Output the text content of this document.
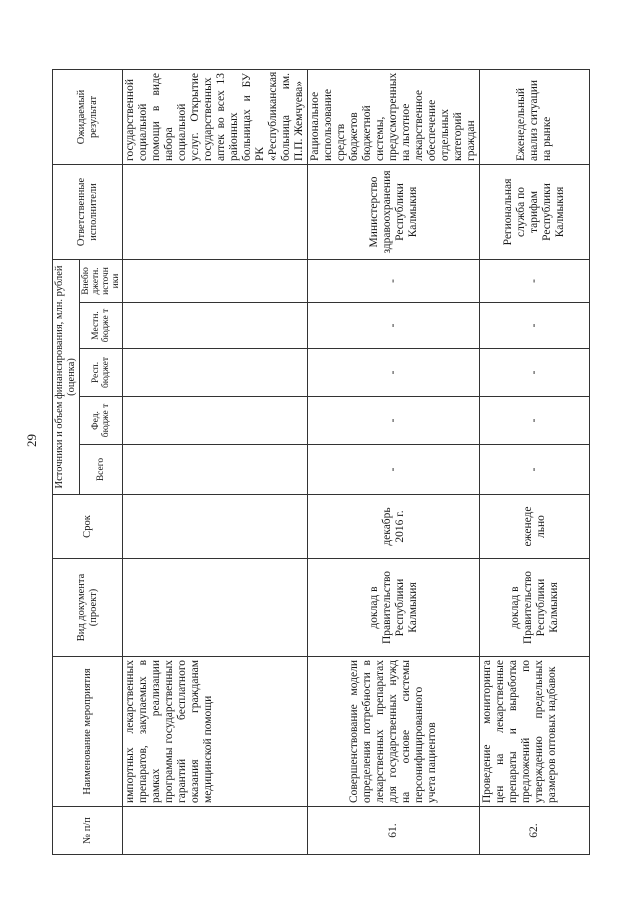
29
№ п/п	Наименование мероприятия	Вид документа (проект)	Срок	Источники и объем финансирования, млн. рублей (оценка)					Ответственные исполнители	Ожидаемый результат
				Всего	Фед. бюдже т	Респ. бюджет	Местн. бюдже т	Внебю джетн. источн ики		
	импортных лекарственных препаратов, закупаемых в рамках реализации программы государственных гарантий бесплатного оказания гражданам медицинской помощи									государственной социальной помощи в виде набора социальной услуг. Открытие государственных аптек во всех 13 районных больницах и БУ РК «Республиканская больница им. П.П. Жемчуева»
61.	Совершенствование модели определения потребности в лекарственных препаратах для государственных нужд на основе системы персонифицированного учета пациентов	доклад в Правительство Республики Калмыкия	декабрь 2016 г.	-	-	-	-	-	Министерство здравоохранения Республики Калмыкия	Рациональное использование средств бюджетов бюджетной системы, предусмотренных на льготное лекарственное обеспечение отдельных категорий граждан
62.	Проведение мониторинга цен на лекарственные препараты и выработка предложений по утверждению предельных размеров оптовых надбавок	доклад в Правительство Республики Калмыкия	еженеде льно	-	-	-	-	-	Региональная служба по тарифам Республики Калмыкия	Еженедельный анализ ситуации на рынке
